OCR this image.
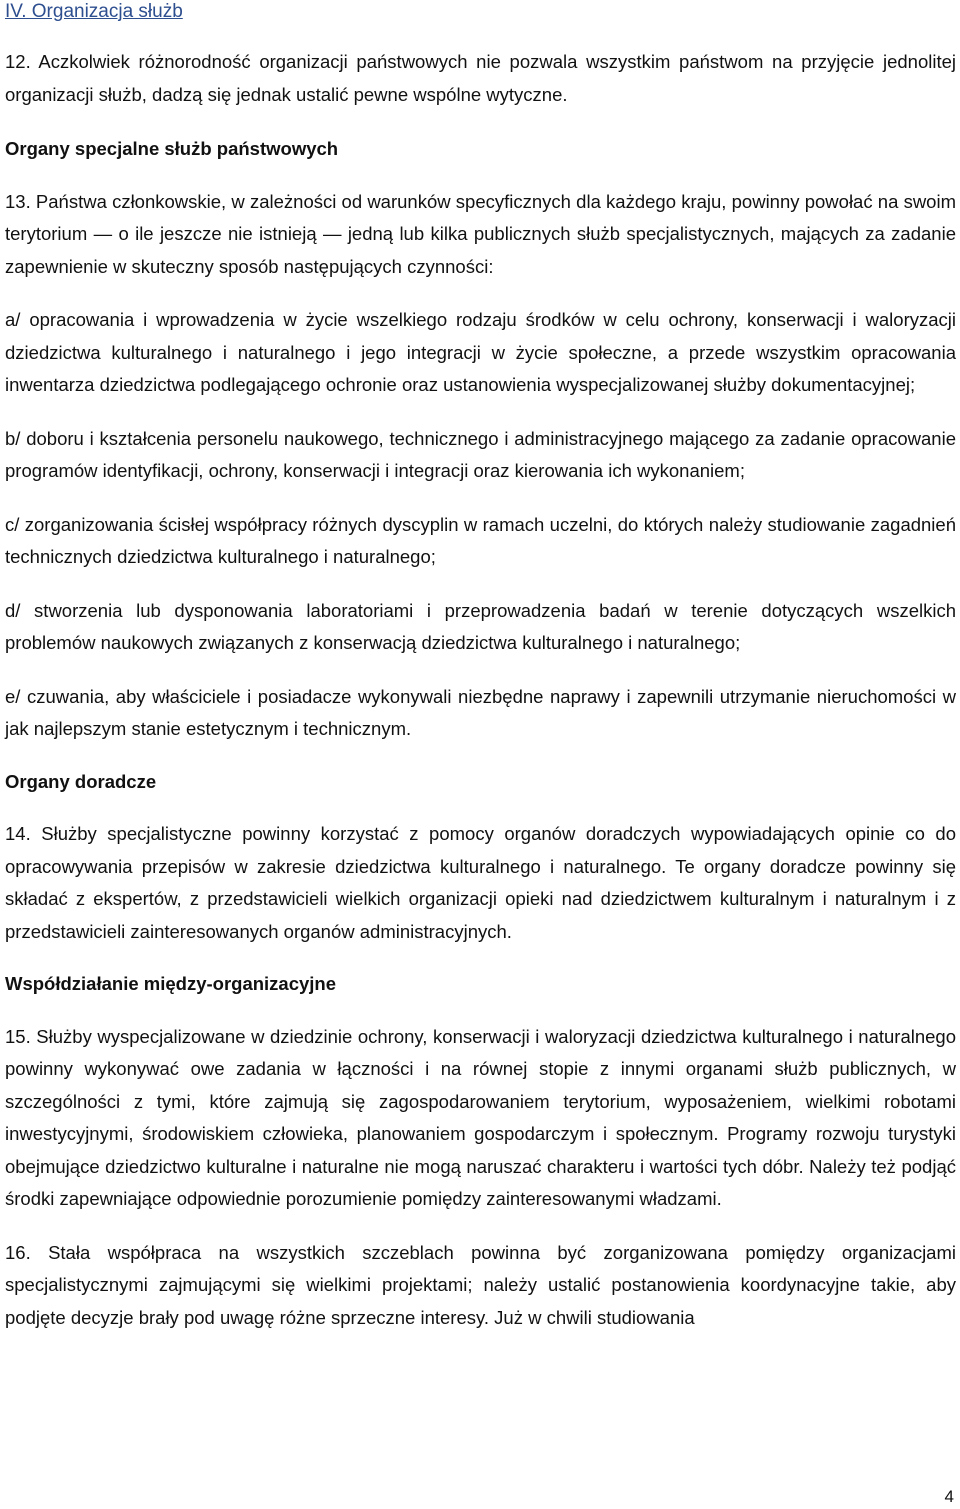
IV. Organizacja służb

12. Aczkolwiek różnorodność organizacji państwowych nie pozwala wszystkim państwom na przyjęcie jednolitej organizacji służb, dadzą się jednak ustalić pewne wspólne wytyczne.

Organy specjalne służb państwowych

13. Państwa członkowskie, w zależności od warunków specyficznych dla każdego kraju, powinny powołać na swoim terytorium — o ile jeszcze nie istnieją — jedną lub kilka publicznych służb specjalistycznych, mających za zadanie zapewnienie w skuteczny sposób następujących czynności:

a/ opracowania i wprowadzenia w życie wszelkiego rodzaju środków w celu ochrony, konserwacji i waloryzacji dziedzictwa kulturalnego i naturalnego i jego integracji w życie społeczne, a przede wszystkim opracowania inwentarza dziedzictwa podlegającego ochronie oraz ustanowienia wyspecjalizowanej służby dokumentacyjnej;

b/ doboru i kształcenia personelu naukowego, technicznego i administracyjnego mającego za zadanie opracowanie programów identyfikacji, ochrony, konserwacji i integracji oraz kierowania ich wykonaniem;

c/ zorganizowania ścisłej współpracy różnych dyscyplin w ramach uczelni, do których należy studiowanie zagadnień technicznych dziedzictwa kulturalnego i naturalnego;

d/ stworzenia lub dysponowania laboratoriami i przeprowadzenia badań w terenie dotyczących wszelkich problemów naukowych związanych z konserwacją dziedzictwa kulturalnego i naturalnego;

e/ czuwania, aby właściciele i posiadacze wykonywali niezbędne naprawy i zapewnili utrzymanie nieruchomości w jak najlepszym stanie estetycznym i technicznym.

Organy doradcze

14. Służby specjalistyczne powinny korzystać z pomocy organów doradczych wypowiadających opinie co do opracowywania przepisów w zakresie dziedzictwa kulturalnego i naturalnego. Te organy doradcze powinny się składać z ekspertów, z przedstawicieli wielkich organizacji opieki nad dziedzictwem kulturalnym i naturalnym i z przedstawicieli zainteresowanych organów administracyjnych.

Współdziałanie między-organizacyjne

15. Służby wyspecjalizowane w dziedzinie ochrony, konserwacji i waloryzacji dziedzictwa kulturalnego i naturalnego powinny wykonywać owe zadania w łączności i na równej stopie z innymi organami służb publicznych, w szczególności z tymi, które zajmują się zagospodarowaniem terytorium, wyposażeniem, wielkimi robotami inwestycyjnymi, środowiskiem człowieka, planowaniem gospodarczym i społecznym. Programy rozwoju turystyki obejmujące dziedzictwo kulturalne i naturalne nie mogą naruszać charakteru i wartości tych dóbr. Należy też podjąć środki zapewniające odpowiednie porozumienie pomiędzy zainteresowanymi władzami.

16. Stała współpraca na wszystkich szczeblach powinna być zorganizowana pomiędzy organizacjami specjalistycznymi zajmującymi się wielkimi projektami; należy ustalić postanowienia koordynacyjne takie, aby podjęte decyzje brały pod uwagę różne sprzeczne interesy. Już w chwili studiowania

4
